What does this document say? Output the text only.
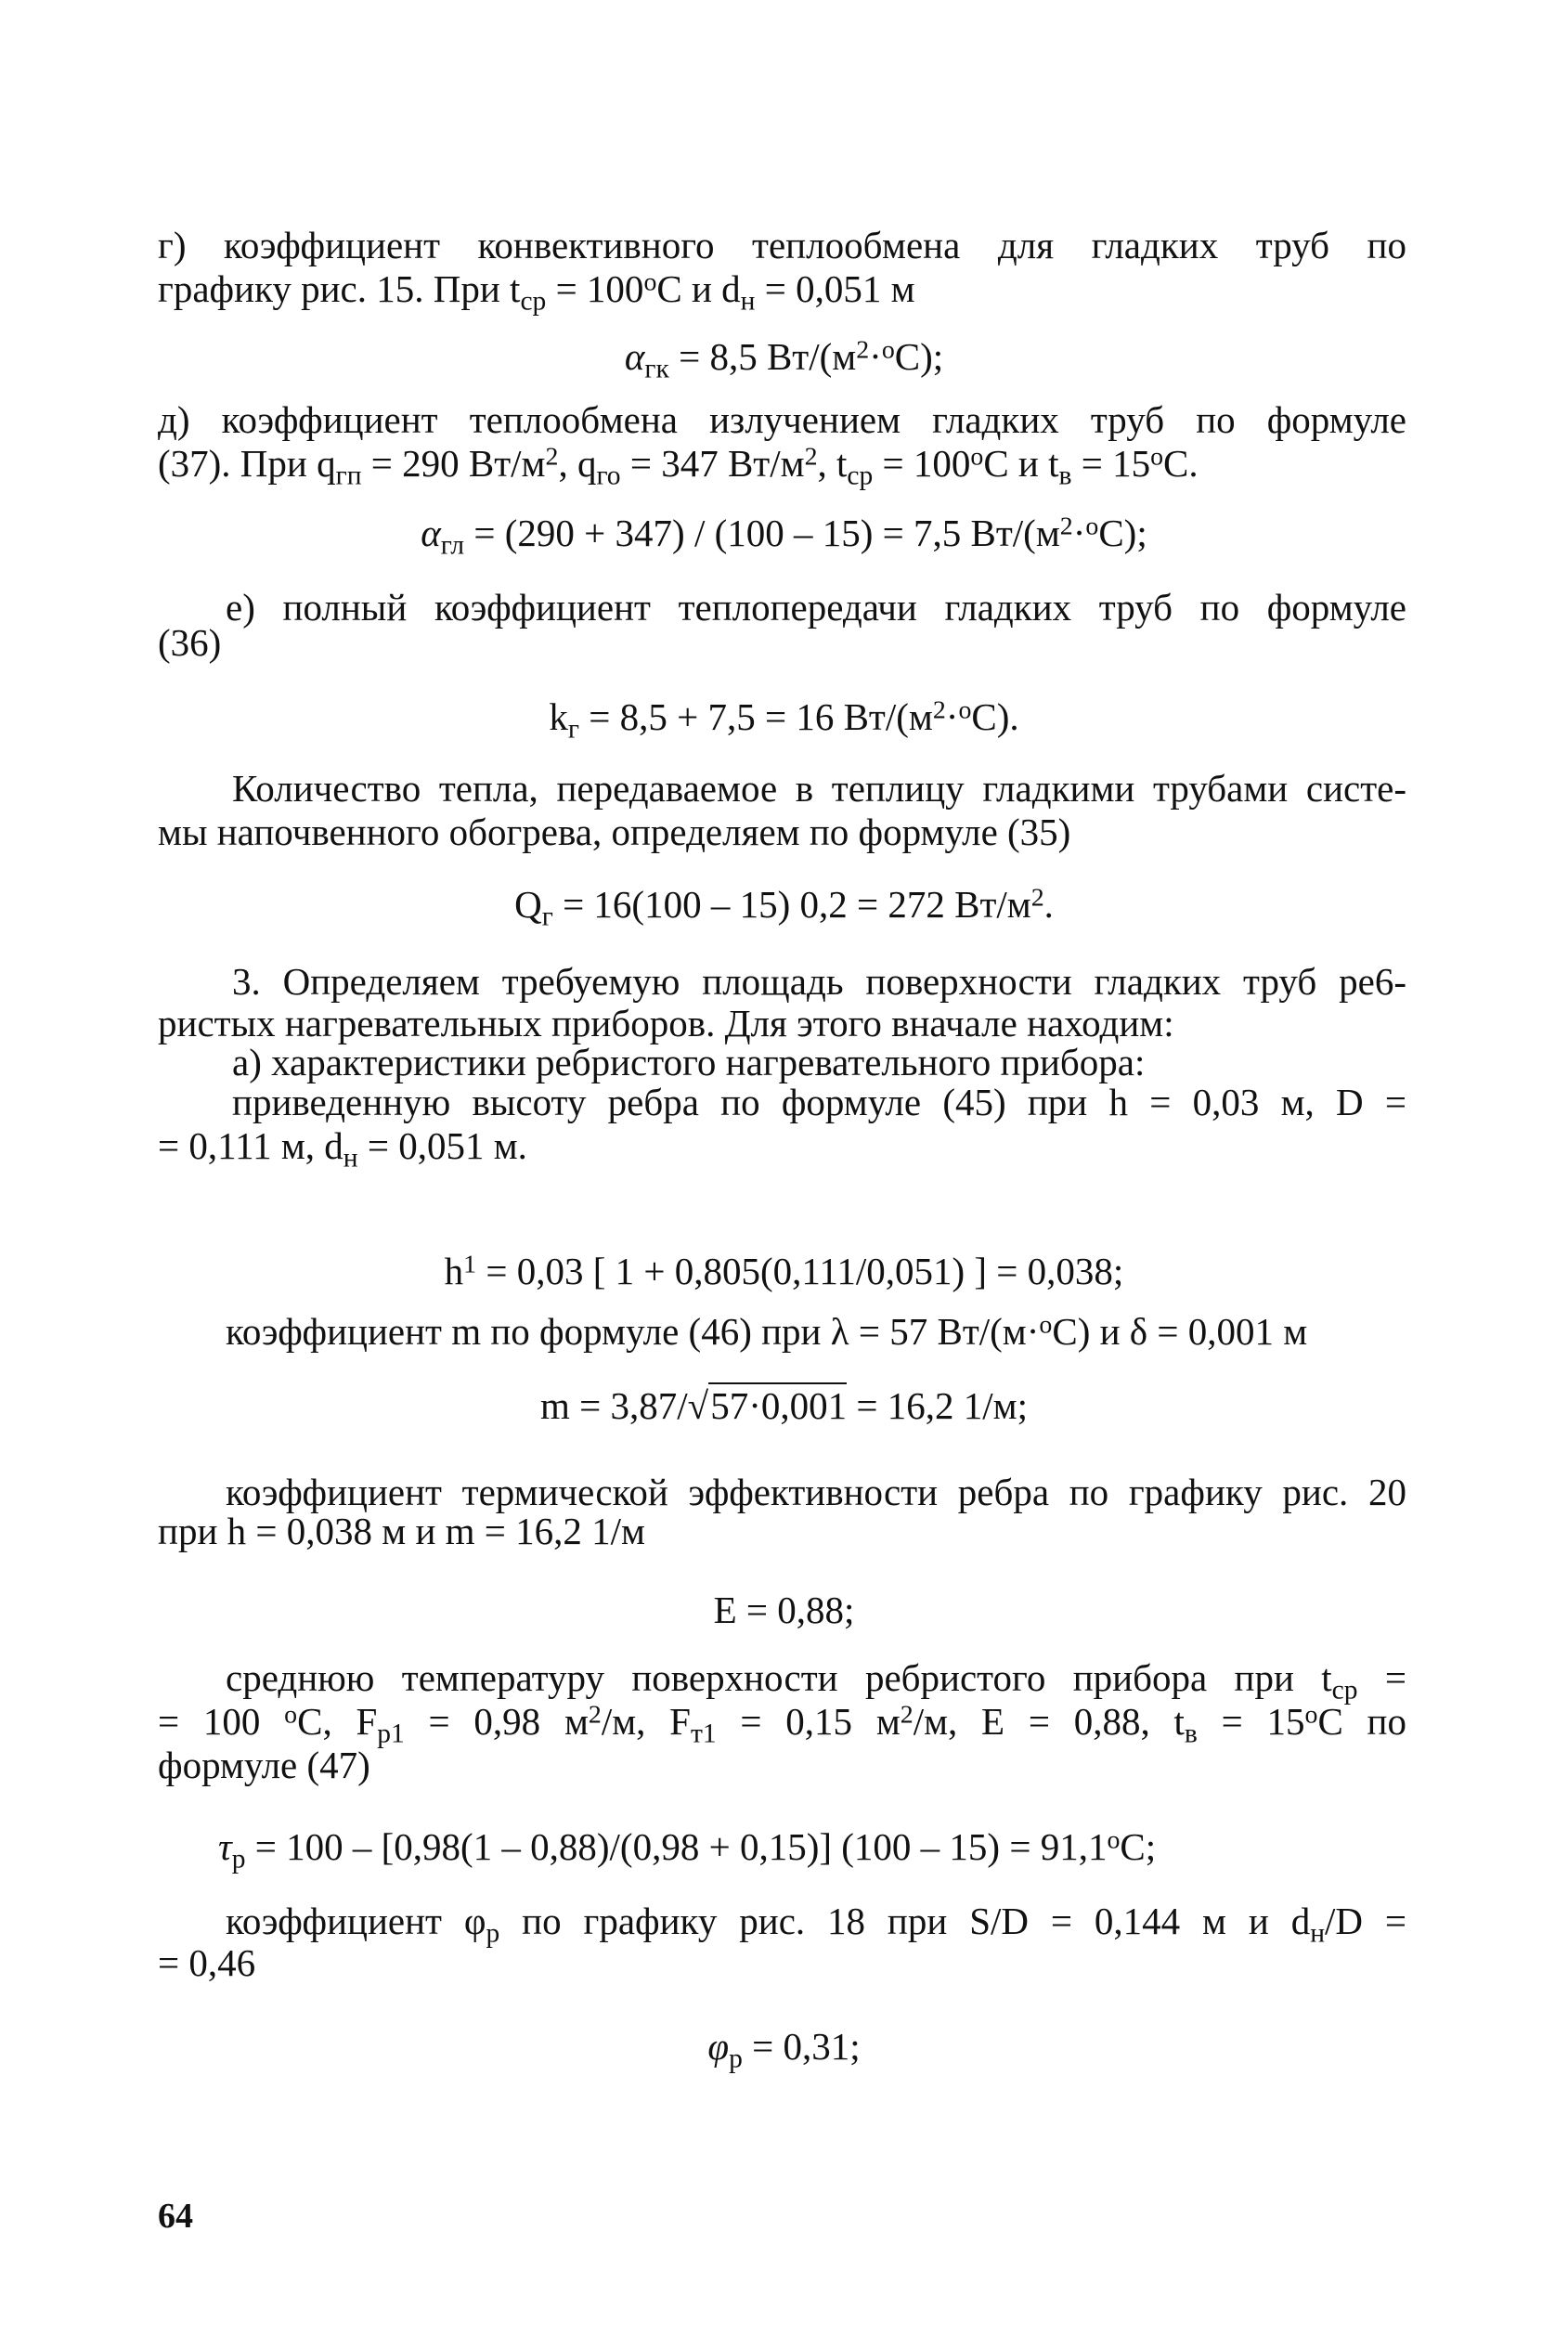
г) коэффициент конвективного теплообмена для гладких труб по
графику рис. 15. При $t_{ср} = 100^оС$ и $d_н = 0,051$ м
$\alpha_{гк} = 8,5$ $Вт/(м^2\cdot^оС)$;
д) коэффициент теплообмена излучением гладких труб по формуле
(37). При $q_{гп} = 290$ $Вт/м^2$, $q_{го} = 347$ $Вт/м^2$, $t_{ср} = 100^оС$ и $t_в = 15^оС$.
$\alpha_{гл} = (290 + 347) / (100 - 15) = 7,5$ $Вт/(м^2\cdot^оС)$;
е) полный коэффициент теплопередачи гладких труб по формуле
(36)
$k_г = 8,5 + 7,5 = 16$ $Вт/(м^2\cdot^оС)$.
Количество тепла, передаваемое в теплицу гладкими трубами систе-
мы напочвенного обогрева, определяем по формуле (35)
$Q_г = 16(100 - 15) 0,2 = 272$ $Вт/м^2$.
3. Определяем требуемую площадь поверхности гладких труб ре6-
ристых нагревательных приборов. Для этого вначале находим:
а) характеристики ребристого нагревательного прибора:
приведенную высоту ребра по формуле (45) при h = 0,03 м, D =
= 0,111 м, $d_н = 0,051$ м.
$h^1 = 0,03$ [ 1 + 0,805(0,111/0,051) ] = 0,038;
коэффициент m по формуле (46) при λ = 57 Вт/(м·$^о$С) и δ = 0,001 м
m = 3,87/√57·0,001 = 16,2 1/м;
коэффициент термической эффективности ребра по графику рис. 20
при h = 0,038 м и m = 16,2 1/м
E = 0,88;
среднюю температуру поверхности ребристого прибора при $t_{ср}$ =
= 100 $^о$С, $F_{р1} = 0,98$ $м^2/м$, $F_{т1} = 0,15$ $м^2/м$, E = 0,88, $t_в = 15^оС$ по
формуле (47)
$\tau_р = 100 - [0,98(1 - 0,88)/(0,98 + 0,15)]$ $(100 - 15) = 91,1^оС$;
коэффициент $\varphi_р$ по графику рис. 18 при S/D = 0,144 м и $d_н/D$ =
= 0,46
$\varphi_р = 0,31$;
64
